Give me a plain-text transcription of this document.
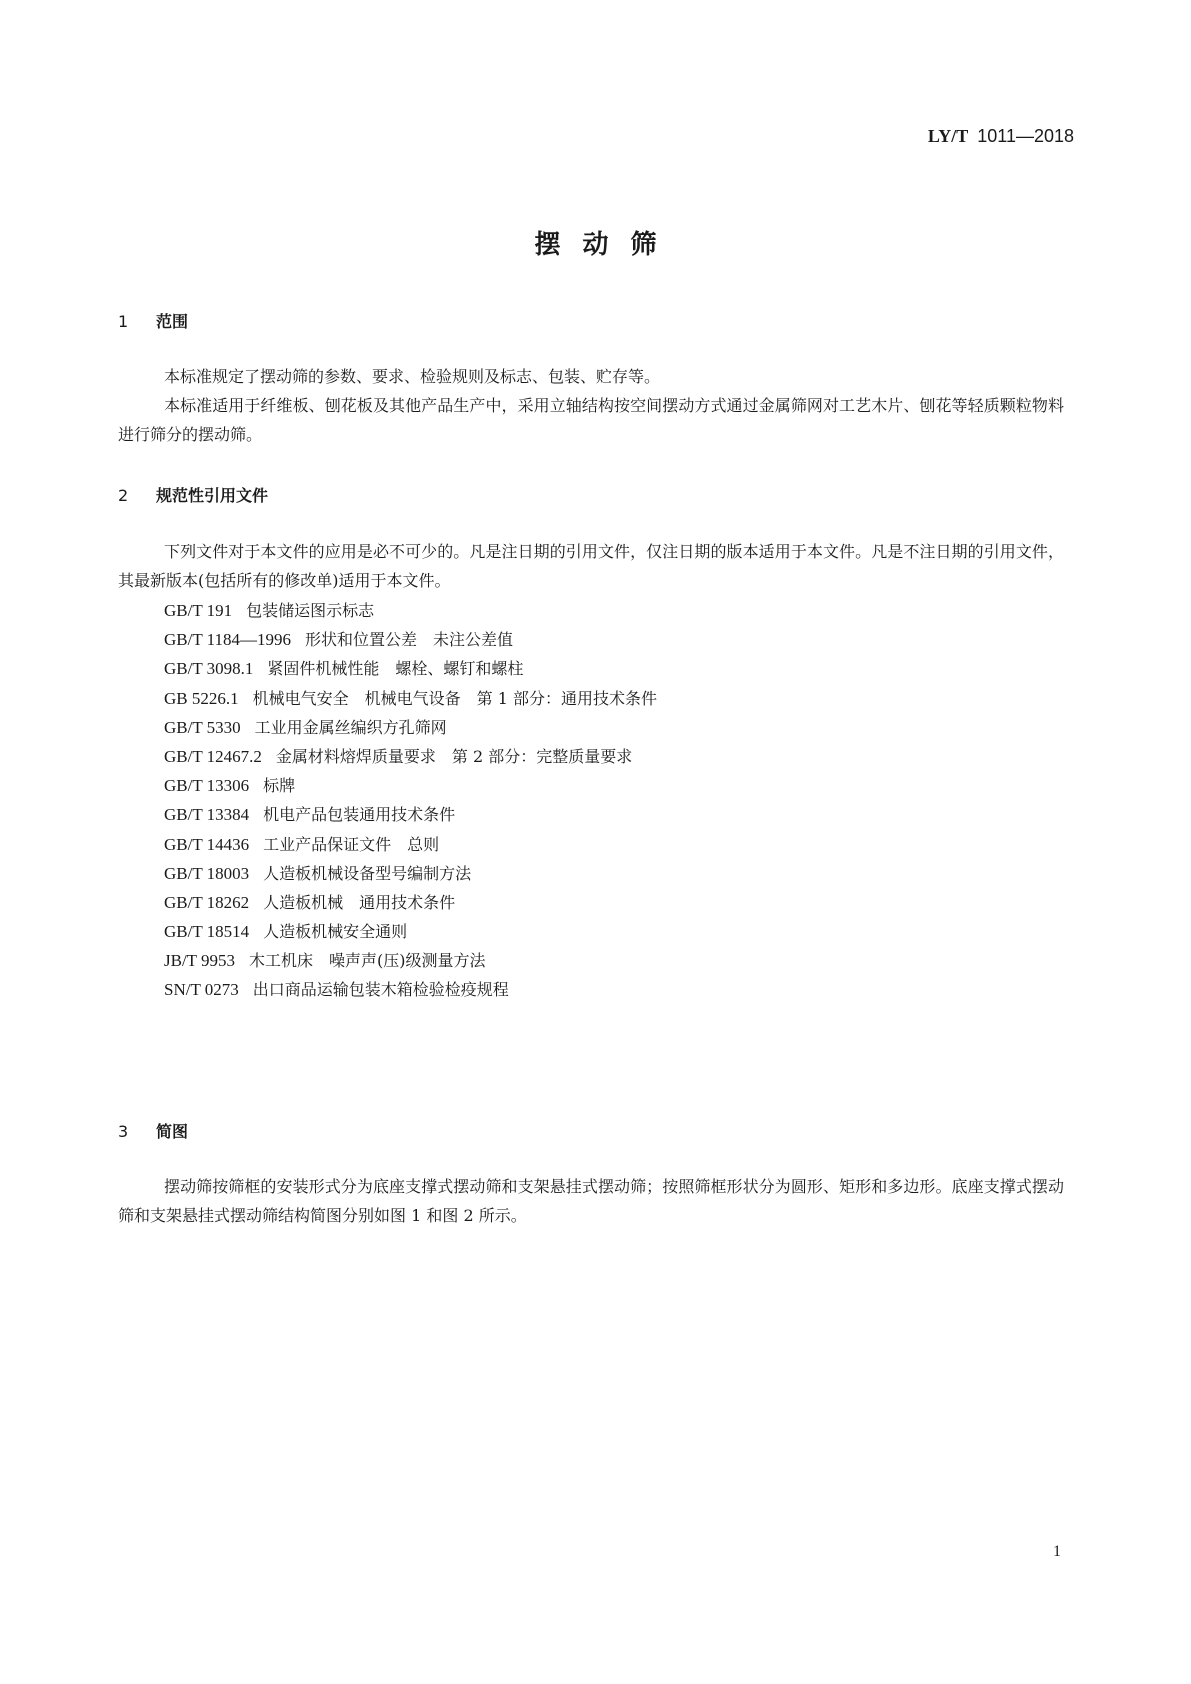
LY/T 1011—2018
摆动筛
1 范围
本标准规定了摆动筛的参数、要求、检验规则及标志、包装、贮存等。
本标准适用于纤维板、刨花板及其他产品生产中，采用立轴结构按空间摆动方式通过金属筛网对工艺木片、刨花等轻质颗粒物料进行筛分的摆动筛。
2 规范性引用文件
下列文件对于本文件的应用是必不可少的。凡是注日期的引用文件，仅注日期的版本适用于本文件。凡是不注日期的引用文件，其最新版本(包括所有的修改单)适用于本文件。
GB/T 191 包装储运图示标志
GB/T 1184—1996 形状和位置公差　未注公差值
GB/T 3098.1 紧固件机械性能　螺栓、螺钉和螺柱
GB 5226.1 机械电气安全　机械电气设备　第 1 部分：通用技术条件
GB/T 5330 工业用金属丝编织方孔筛网
GB/T 12467.2 金属材料熔焊质量要求　第 2 部分：完整质量要求
GB/T 13306 标牌
GB/T 13384 机电产品包装通用技术条件
GB/T 14436 工业产品保证文件　总则
GB/T 18003 人造板机械设备型号编制方法
GB/T 18262 人造板机械　通用技术条件
GB/T 18514 人造板机械安全通则
JB/T 9953 木工机床　噪声声(压)级测量方法
SN/T 0273 出口商品运输包装木箱检验检疫规程
3 简图
摆动筛按筛框的安装形式分为底座支撑式摆动筛和支架悬挂式摆动筛；按照筛框形状分为圆形、矩形和多边形。底座支撑式摆动筛和支架悬挂式摆动筛结构简图分别如图 1 和图 2 所示。
1
